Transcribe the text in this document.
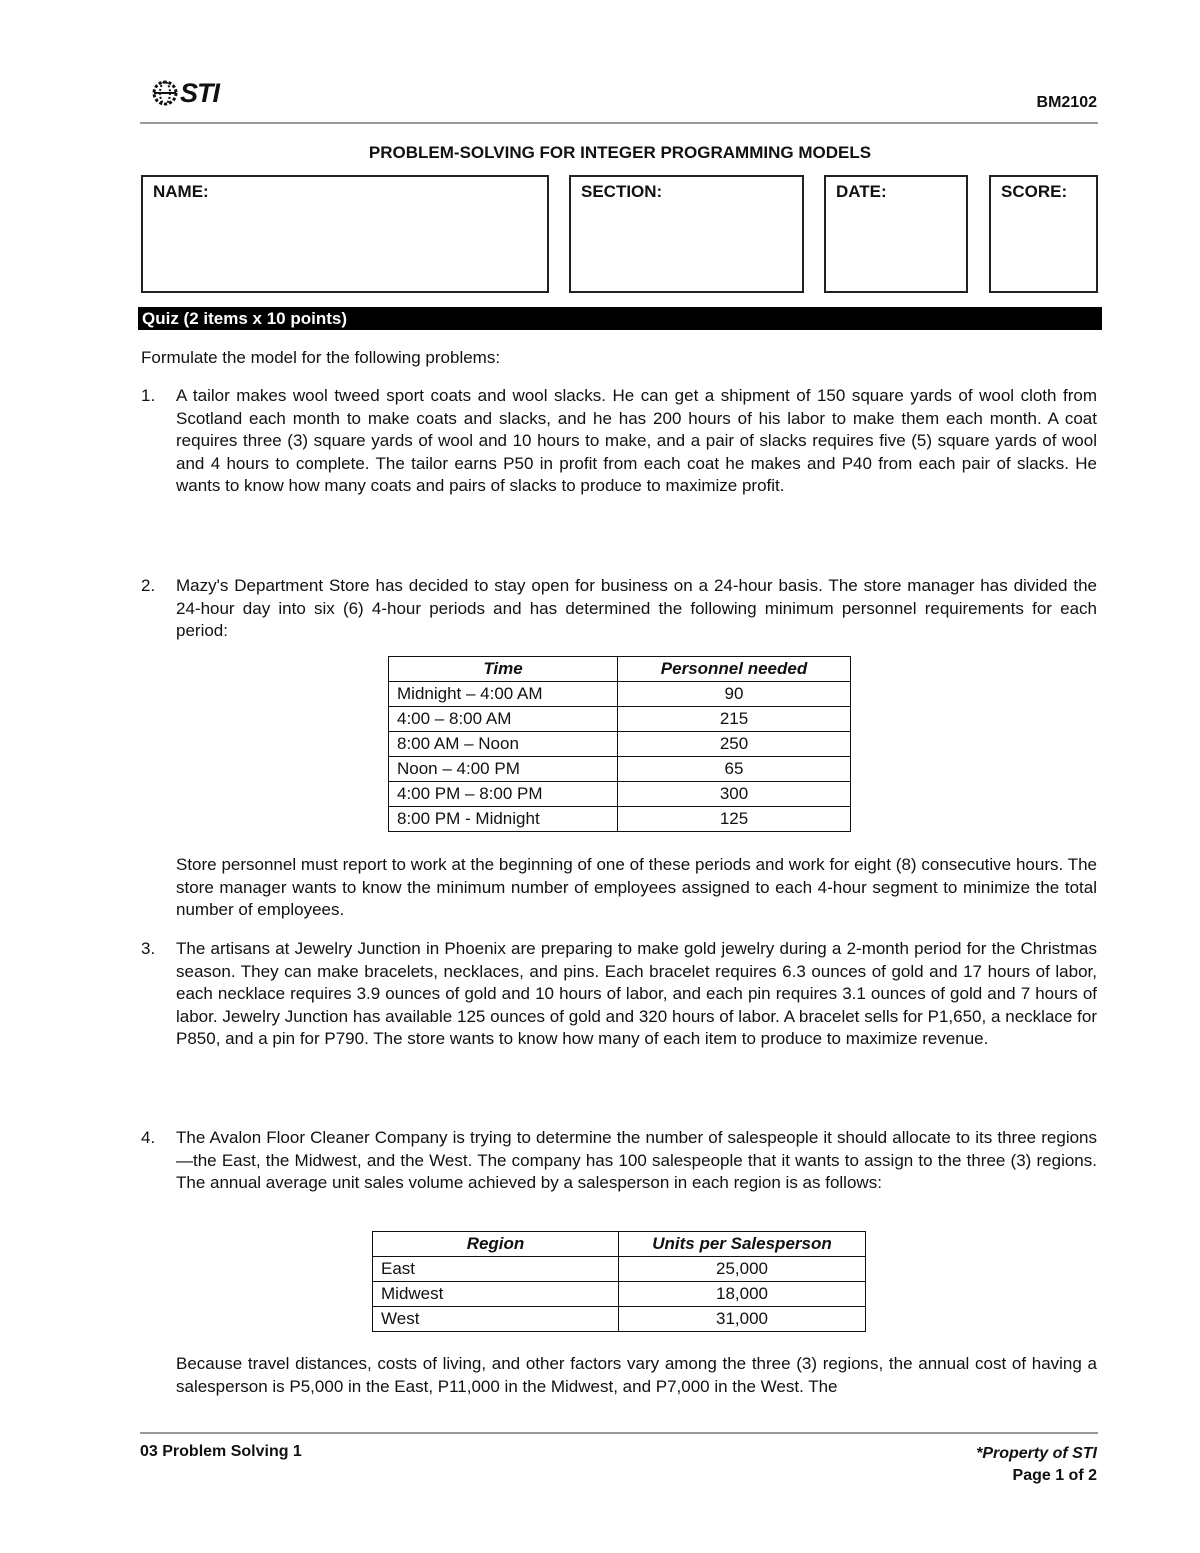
STI	BM2102
PROBLEM-SOLVING FOR INTEGER PROGRAMMING MODELS
NAME:	SECTION:	DATE:	SCORE:
Quiz (2 items x 10 points)
Formulate the model for the following problems:
1. A tailor makes wool tweed sport coats and wool slacks. He can get a shipment of 150 square yards of wool cloth from Scotland each month to make coats and slacks, and he has 200 hours of his labor to make them each month. A coat requires three (3) square yards of wool and 10 hours to make, and a pair of slacks requires five (5) square yards of wool and 4 hours to complete. The tailor earns P50 in profit from each coat he makes and P40 from each pair of slacks. He wants to know how many coats and pairs of slacks to produce to maximize profit.
2. Mazy's Department Store has decided to stay open for business on a 24-hour basis. The store manager has divided the 24-hour day into six (6) 4-hour periods and has determined the following minimum personnel requirements for each period:
Time	Personnel needed
Midnight – 4:00 AM	90
4:00 – 8:00 AM	215
8:00 AM – Noon	250
Noon – 4:00 PM	65
4:00 PM – 8:00 PM	300
8:00 PM - Midnight	125
Store personnel must report to work at the beginning of one of these periods and work for eight (8) consecutive hours. The store manager wants to know the minimum number of employees assigned to each 4-hour segment to minimize the total number of employees.
3. The artisans at Jewelry Junction in Phoenix are preparing to make gold jewelry during a 2-month period for the Christmas season. They can make bracelets, necklaces, and pins. Each bracelet requires 6.3 ounces of gold and 17 hours of labor, each necklace requires 3.9 ounces of gold and 10 hours of labor, and each pin requires 3.1 ounces of gold and 7 hours of labor. Jewelry Junction has available 125 ounces of gold and 320 hours of labor. A bracelet sells for P1,650, a necklace for P850, and a pin for P790. The store wants to know how many of each item to produce to maximize revenue.
4. The Avalon Floor Cleaner Company is trying to determine the number of salespeople it should allocate to its three regions—the East, the Midwest, and the West. The company has 100 salespeople that it wants to assign to the three (3) regions. The annual average unit sales volume achieved by a salesperson in each region is as follows:
Region	Units per Salesperson
East	25,000
Midwest	18,000
West	31,000
Because travel distances, costs of living, and other factors vary among the three (3) regions, the annual cost of having a salesperson is P5,000 in the East, P11,000 in the Midwest, and P7,000 in the West. The
03 Problem Solving 1	*Property of STI
Page 1 of 2
